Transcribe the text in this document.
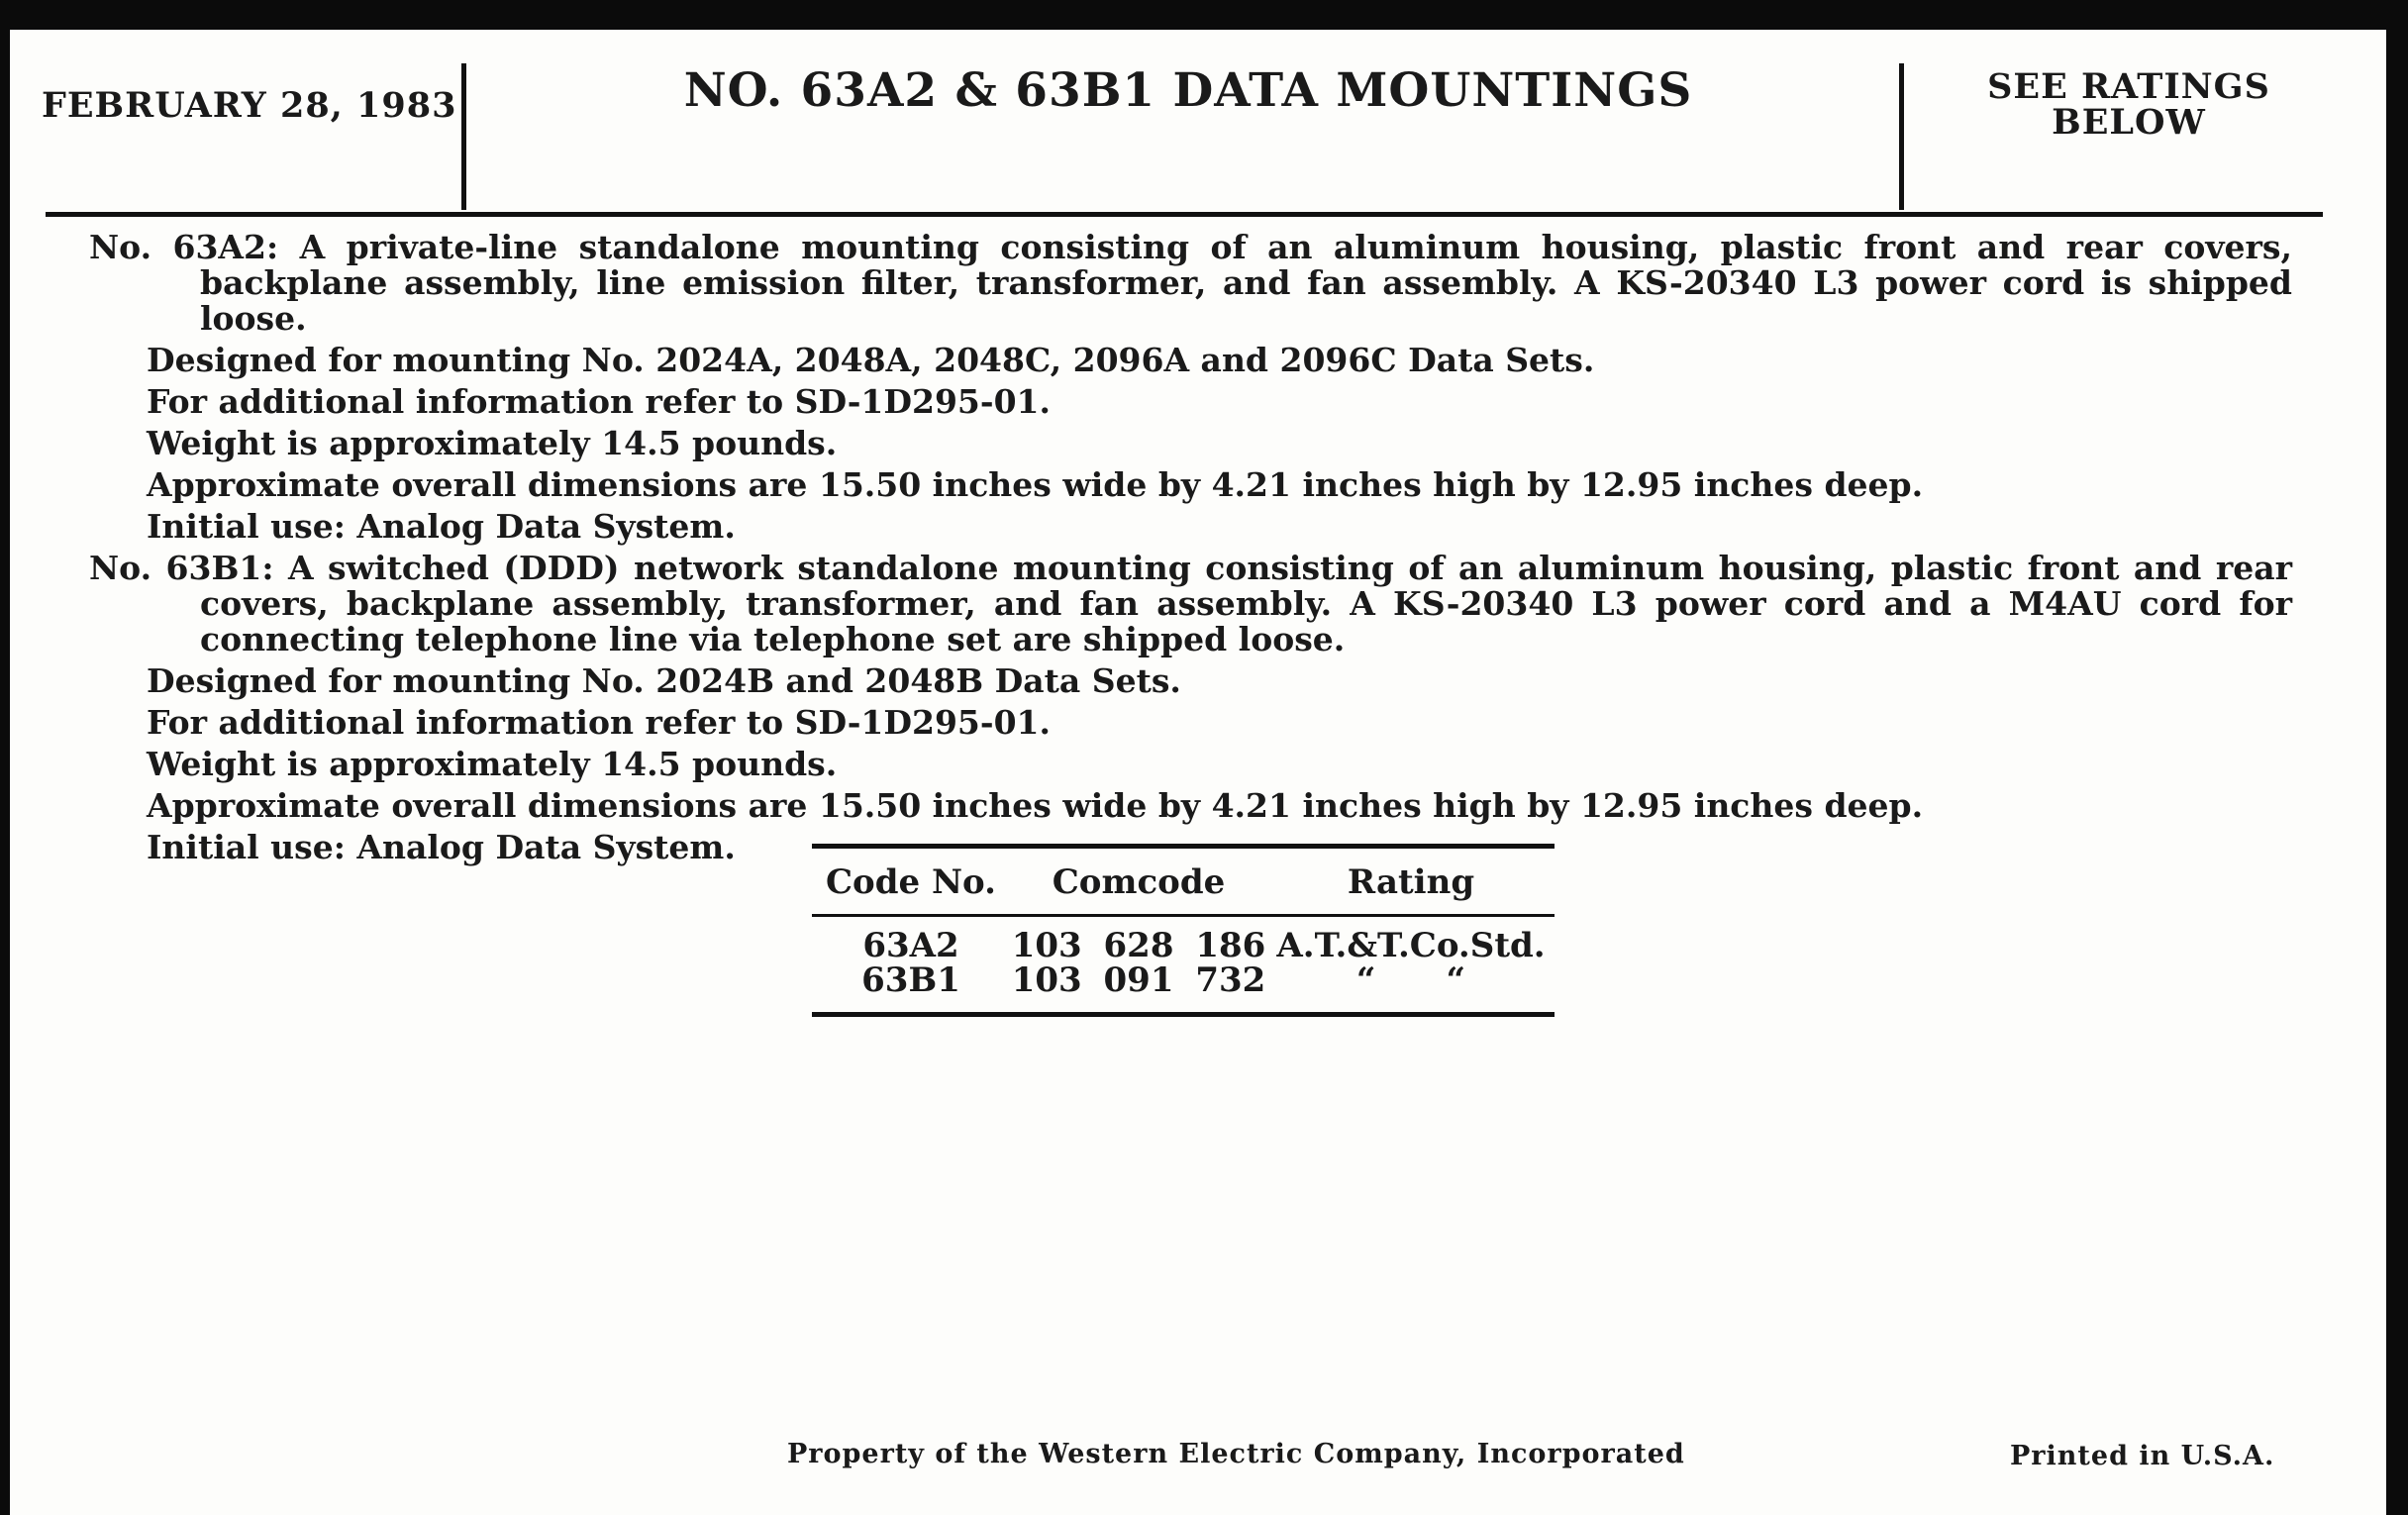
FEBRUARY 28, 1983	NO. 63A2 & 63B1 DATA MOUNTINGS	SEE RATINGS
BELOW

No. 63A2: A private-line standalone mounting consisting of an aluminum housing, plastic front and rear covers, backplane assembly, line emission filter, transformer, and fan assembly. A KS-20340 L3 power cord is shipped loose.

Designed for mounting No. 2024A, 2048A, 2048C, 2096A and 2096C Data Sets.

For additional information refer to SD-1D295-01.

Weight is approximately 14.5 pounds.

Approximate overall dimensions are 15.50 inches wide by 4.21 inches high by 12.95 inches deep.

Initial use: Analog Data System.

No. 63B1: A switched (DDD) network standalone mounting consisting of an aluminum housing, plastic front and rear covers, backplane assembly, transformer, and fan assembly. A KS-20340 L3 power cord and a M4AU cord for connecting telephone line via telephone set are shipped loose.

Designed for mounting No. 2024B and 2048B Data Sets.

For additional information refer to SD-1D295-01.

Weight is approximately 14.5 pounds.

Approximate overall dimensions are 15.50 inches wide by 4.21 inches high by 12.95 inches deep.

Initial use: Analog Data System.

Code No.	Comcode	Rating
63A2	103 628 186 A.T.&T.Co.Std.
63B1	103 091 732	“      “
Property of the Western Electric Company, Incorporated	Printed in U.S.A.
